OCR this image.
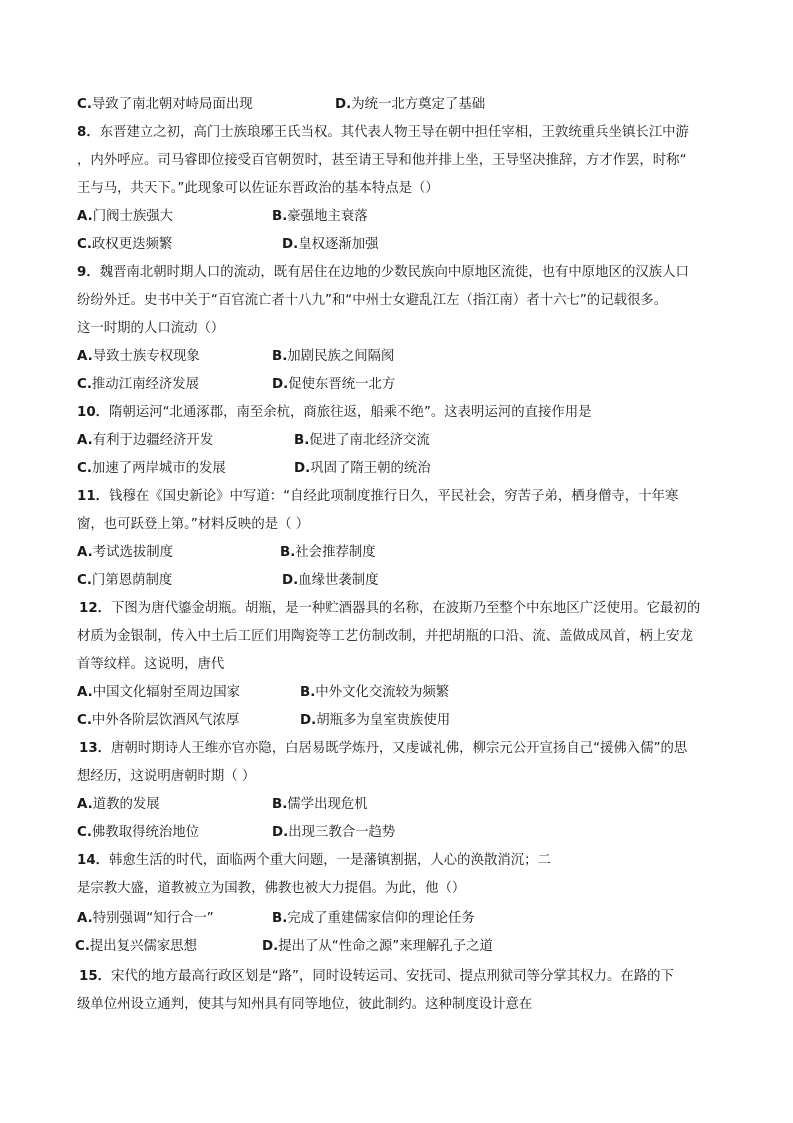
C.导致了南北朝对峙局面出现	D.为统一北方奠定了基础
8．东晋建立之初，高门士族琅琊王氏当权。其代表人物王导在朝中担任宰相，王敦统重兵坐镇长江中游
，内外呼应。司马睿即位接受百官朝贺时，甚至请王导和他并排上坐，王导坚决推辞，方才作罢，时称“
王与马，共天下。”此现象可以佐证东晋政治的基本特点是（）
A.门阀士族强大	B.豪强地主衰落
C.政权更迭频繁	D.皇权逐渐加强
9．魏晋南北朝时期人口的流动，既有居住在边地的少数民族向中原地区流徙，也有中原地区的汉族人口
纷纷外迁。史书中关于“百官流亡者十八九”和“中州士女避乱江左（指江南）者十六七”的记载很多。
这一时期的人口流动（）
A.导致士族专权现象	B.加剧民族之间隔阂
C.推动江南经济发展	D.促使东晋统一北方
10．隋朝运河“北通涿郡，南至余杭，商旅往返，船乘不绝”。这表明运河的直接作用是
A.有利于边疆经济开发	B.促进了南北经济交流
C.加速了两岸城市的发展	D.巩固了隋王朝的统治
11．钱穆在《国史新论》中写道：“自经此项制度推行日久，平民社会，穷苦子弟，栖身僧寺，十年寒
窗，也可跃登上第。”材料反映的是（ ）
A.考试选拔制度	B.社会推荐制度
C.门第恩荫制度	D.血缘世袭制度
12．下图为唐代鎏金胡瓶。胡瓶，是一种贮酒器具的名称，在波斯乃至整个中东地区广泛使用。它最初的
材质为金银制，传入中土后工匠们用陶瓷等工艺仿制改制，并把胡瓶的口沿、流、盖做成凤首，柄上安龙
首等纹样。这说明，唐代
A.中国文化辐射至周边国家	B.中外文化交流较为频繁
C.中外各阶层饮酒风气浓厚	D.胡瓶多为皇室贵族使用
13．唐朝时期诗人王维亦官亦隐，白居易既学炼丹，又虔诚礼佛，柳宗元公开宣扬自己“援佛入儒”的思
想经历，这说明唐朝时期（ ）
A.道教的发展	B.儒学出现危机
C.佛教取得统治地位	D.出现三教合一趋势
14．韩愈生活的时代，面临两个重大问题，一是藩镇割据，人心的涣散消沉；二
是宗教大盛，道教被立为国教，佛教也被大力提倡。为此，他（）
A.特别强调“知行合一”	B.完成了重建儒家信仰的理论任务
C.提出复兴儒家思想	D.提出了从“性命之源”来理解孔子之道
15．宋代的地方最高行政区划是“路”，同时设转运司、安抚司、提点刑狱司等分掌其权力。在路的下
级单位州设立通判，使其与知州具有同等地位，彼此制约。这种制度设计意在
